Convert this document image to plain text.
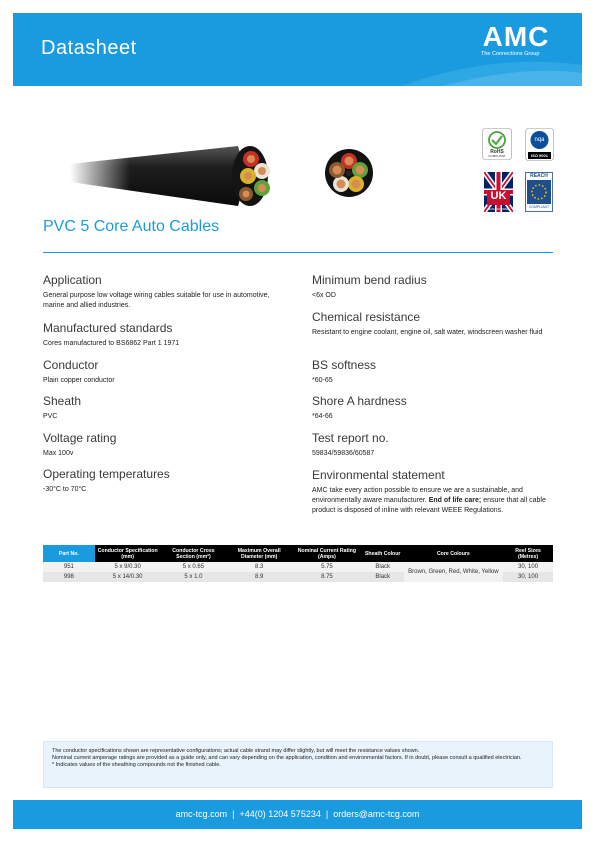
Datasheet	AMC
The Connections Group
RoHS
COMPLIANT
nqa
ISO 9001
UK
MANUFACTURER
REACH
COMPLIANT
PVC 5 Core Auto Cables
Application

General purpose low voltage wiring cables suitable for use in automotive, marine and allied industries.

Manufactured standards

Cores manufactured to BS6862 Part 1 1971

Conductor

Plain copper conductor

Sheath

PVC

Voltage rating

Max 100v

Operating temperatures

-30°C to 70°C

Minimum bend radius

<6x OD

Chemical resistance

Resistant to engine coolant, engine oil, salt water, windscreen washer fluid

BS softness

*60-65

Shore A hardness

*64-66

Test report no.

59834/59836/60587

Environmental statement

AMC take every action possible to ensure we are a sustainable, and environmentally aware manufacturer. End of life care; ensure that all cable product is disposed of inline with relevant WEEE Regulations.

Part No.	Conductor Specification (mm)	Conductor Cross Section (mm²)	Maximum Overall Diameter (mm)	Nominal Current Rating (Amps)	Sheath Colour	Core Colours	Reel Sizes (Metres)
951	5 x 9/0.30	5 x 0.65	8.3	5.75	Black	Brown, Green, Red, White, Yellow	30, 100
998	5 x 14/0.30	5 x 1.0	8.9	8.75	Black		30, 100

The conductor specifications shown are representative configurations; actual cable strand may differ slightly, but will meet the resistance values shown.

Nominal current amperage ratings are provided as a guide only, and can vary depending on the application, condition and environmental factors. If in doubt, please consult a qualified electrician.

* Indicates values of the sheathing compounds not the finished cable.

amc-tcg.com | +44(0) 1204 575234 | orders@amc-tcg.com
